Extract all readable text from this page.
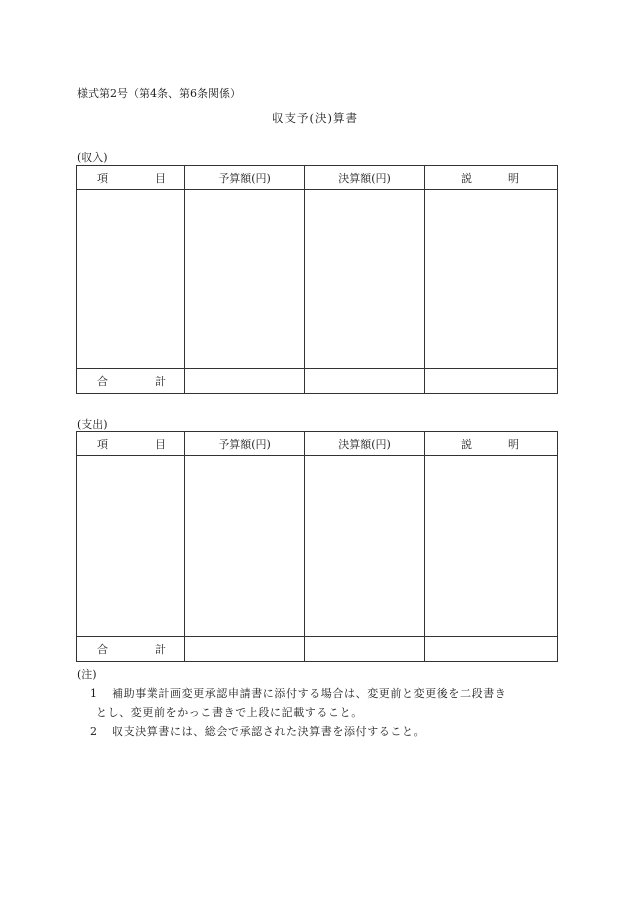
様式第2号（第4条、第6条関係）
収支予(決)算書
(収入)
項 目	予算額(円)	決算額(円)	説 明

合 計			

(支出)
項 目	予算額(円)	決算額(円)	説 明

合 計			

(注)
1 補助事業計画変更承認申請書に添付する場合は、変更前と変更後を二段書き
とし、変更前をかっこ書きで上段に記載すること。
2 収支決算書には、総会で承認された決算書を添付すること。
